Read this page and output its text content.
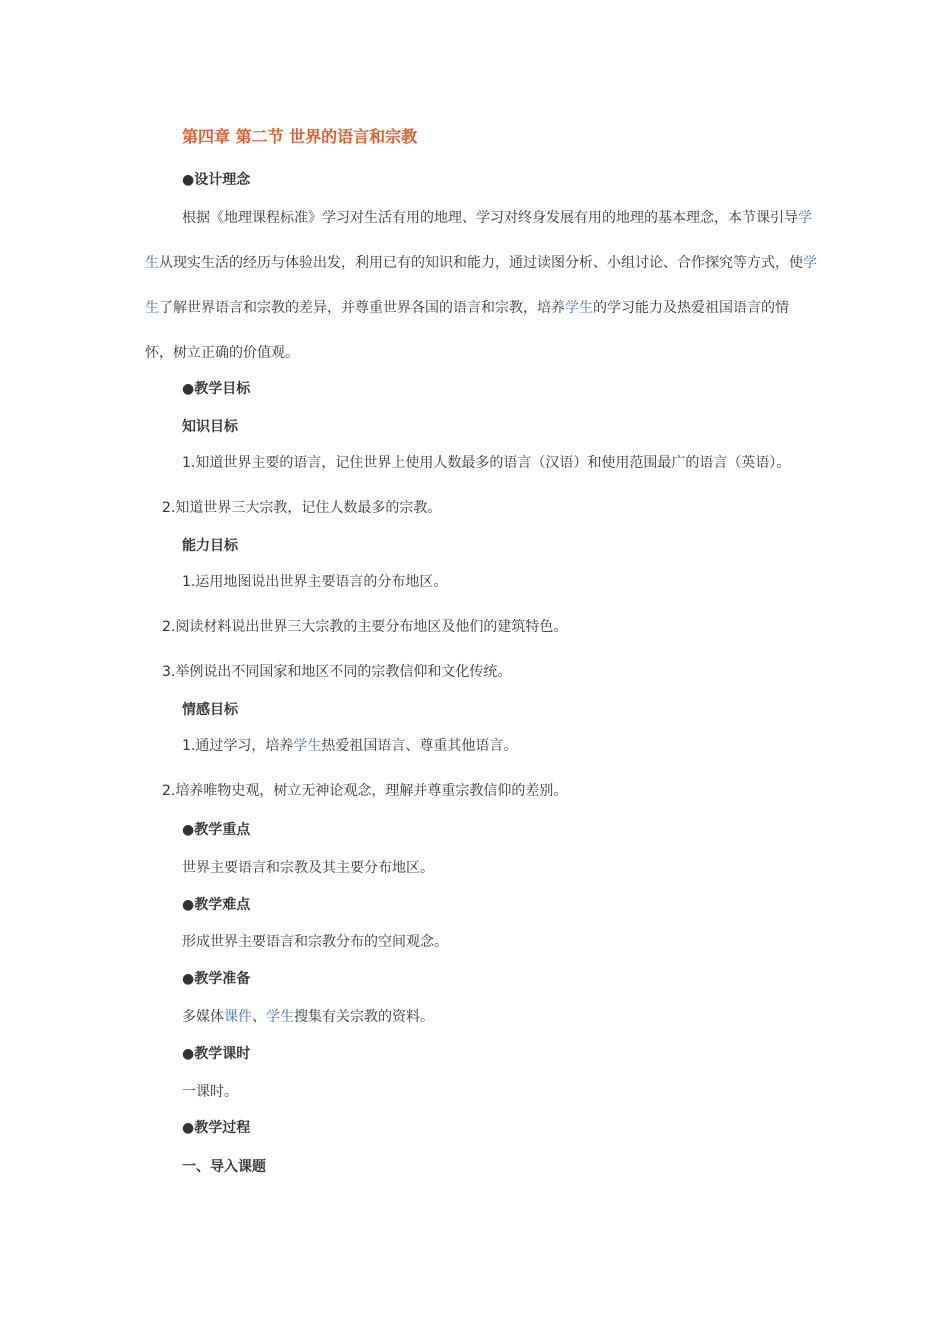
第四章 第二节 世界的语言和宗教
●设计理念
根据《地理课程标准》学习对生活有用的地理、学习对终身发展有用的地理的基本理念，本节课引导学
生从现实生活的经历与体验出发，利用已有的知识和能力，通过读图分析、小组讨论、合作探究等方式，使学
生了解世界语言和宗教的差异，并尊重世界各国的语言和宗教，培养学生的学习能力及热爱祖国语言的情
怀，树立正确的价值观。
●教学目标
知识目标
1.知道世界主要的语言，记住世界上使用人数最多的语言（汉语）和使用范围最广的语言（英语）。
2.知道世界三大宗教，记住人数最多的宗教。
能力目标
1.运用地图说出世界主要语言的分布地区。
2.阅读材料说出世界三大宗教的主要分布地区及他们的建筑特色。
3.举例说出不同国家和地区不同的宗教信仰和文化传统。
情感目标
1.通过学习，培养学生热爱祖国语言、尊重其他语言。
2.培养唯物史观，树立无神论观念，理解并尊重宗教信仰的差别。
●教学重点
世界主要语言和宗教及其主要分布地区。
●教学难点
形成世界主要语言和宗教分布的空间观念。
●教学准备
多媒体课件、学生搜集有关宗教的资料。
●教学课时
一课时。
●教学过程
一、导入课题
